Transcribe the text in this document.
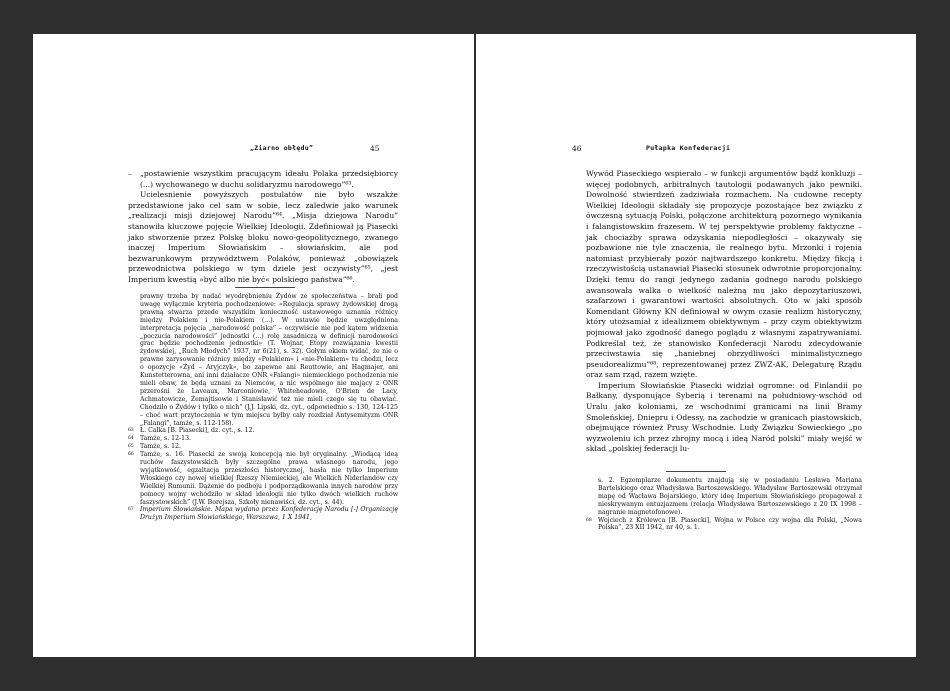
„Ziarno obłędu”	45
–	„postawienie wszystkim pracującym ideału Polaka przedsiębiorcy (...) wychowanego w duchu solidaryzmu narodowego”⁶³.

Ucielesnienie powyższych postulatów nie było wszakże przedstawione jako cel sam w sobie, lecz zaledwie jako warunek „realizacji misji dziejowej Narodu”⁶⁴. „Misja dziejowa Narodu” stanowiła kluczowe pojęcie Wielkiej Ideologii. Zdefiniował ją Piasecki jako stworzenie przez Polskę bloku nowo-geopolitycznego, zwanego inaczej Imperium Słowiańskim – słowiańskim, ale pod bezwarunkowym przywództwem Polaków, ponieważ „obowiązek przewodnictwa polskiego w tym dziele jest oczywisty”⁶⁵, „jest Imperium kwestią »być albo nie być« polskiego państwa”⁶⁶.

prawny trzeba by nadać wyodrębnieniu Żydów ze społeczeństwa – brałi pod uwagę wyłącznie kryteria pochodzeniowe: «Regulacja sprawy żydowskiej drogą prawną stwarza przede wszystkim konieczność ustawowego uznania różnicy między Polakiem i nie-Polakiem (...). W ustawie będzie uwzględniona interpretacja pojęcia „narodowość polska” – oczywiście nie pod kątem widzenia „poczucia narodowości” jednostki (...) rolę zasadniczą w definicji narodowości grac będzie pochodzenie jednostki» (T. Wojnar, Etopy rozwiązania kwestii żydowskiej, „Ruch Młodych” 1937, nr 6(21), s. 32). Gołym okiem widać, że nie o prawne zarysowanie różnicy między «Polakiem» i «nie-Polakiem» tu chodzi, lecz o opozycje «Żyd – Aryjczyk», bo zapewne ani Reuttowie, ani Hagmajer, ani Kunstetterowna, ani inni działacze ONR «Falangi» niemieckiego pochodzenia nie mieli obaw, że będą uznani za Niemców, a nic wspólnego nie mający z ONR przerośni że Laveaux, Marconiowie, Whiteheadowie, O'Brien de Lacy, Achmatowicze, Żemajtisowie i Stanisławić też nie mieli czego się tu obawiać. Chodziło o Żydów i tylko o nich” (J.J. Lipski, dz. cyt., odpowiednio s. 130, 124-125 – choć wart przytoczenia w tym miejscu byłby cały rozdział Antysemityzm ONR „Falangi”, tamże, s. 112-158).

63	Ł. Całka [B. Piasecki], dz. cyt., s. 12.
64	Tamże, s. 12-13.
65	Tamże, s. 12.
66	Tamże, s. 16. Piasecki ze swoją koncepcją nie był oryginalny. „Wiodącą ideą ruchów faszystowskich były szczególne prawa własnego narodu, jego wyjątkowość, egzaltacja przeszłości historycznej, hasła nie tylko Imperium Włoskiego czy nowej wielkiej Rzeszy Niemieckiej, ale Wielkich Niderlandów czy Wielkiej Rumunii. Dążenie do podboju i podporządkowania innych narodów przy pomocy wojny wchódziło w skład ideologii nie tylko dwóch wielkich ruchów faszystowskich” (J.W. Borejsza, Szkoły nienawiści, dz. cyt., s. 44).
67	Imperium Słowiańskie. Mapa wydana przez Konfederację Narodu [-] Organizację Drużyn Imperium Słowiańskiego, Warszawa, 1 X 1941,
46	Pułapka Konfederacji

Wywód Piaseckiego wspierało – w funkcji argumentów bądź konkluzji – więcej podobnych, arbitralnych tautologii podawanych jako pewniki. Dowolność stwierdzeń zadziwiała rozmachem. Na cudowne recepty Wielkiej Ideologii składały się propozycje pozostające bez związku z ówczesną sytuacją Polski, połączone architekturą pozornego wynikania i falangistowskim frazesem. W tej perspektywie problemy faktyczne – jak chociażby sprawa odzyskania niepodległości – okazywały się pozbawione nie tyle znaczenia, ile realnego bytu. Mrzonki i rojenia natomiast przybierały pozór najtwardszego konkretu. Między fikcją i rzeczywistością ustanawiał Piasecki stosunek odwrotnie proporcjonalny. Dzięki temu do rangi jedynego zadania godnego narodu polskiego awansowała walka o wielkość należną mu jako depozytariuszowi, szafarzowi i gwarantowi wartości absolutnych. Oto w jaki sposób Komendant Główny KN definiował w owym czasie realizm historyczny, który utożsamiał z idealizmem obiektywnym – przy czym obiektywizm pojmował jako zgodność danego poglądu z własnymi zapatrywaniami. Podkreślał też, że stanowisko Konfederacji Narodu zdecydowanie przeciwstawia się „haniebnej obrzydliwości minimalistycznego pseudorealizmu”⁶⁸, reprezentowanej przez ZWZ-AK, Delegaturę Rządu oraz sam rząd, razem wzięte.

Imperium Słowiańskie Piasecki widział ogromne: od Finlandii po Bałkany, dysponujące Syberią i terenami na południowy-wschód od Uralu jako koloniami, ze wschodnimi granicami na linii Bramy Smoleńskiej, Dniepru i Odessy, na zachodzie w granicach piastowskich, obejmujące również Prusy Wschodnie. Ludy Związku Sowieckiego „po wyzwoleniu ich przez zbrojny mocą i ideą Naród polski” miały wejść w skład „polskiej federacji lu-

s. 2. Egzemplarze dokumentu znajdują się w posiadaniu Lesława Mariana Bartelskiego oraz Władysława Bartoszewskiego. Władysław Bartoszewski otrzymał mapę od Wacława Bojarskiego, który ideę Imperium Słowiańskiego propagował z nieskrywanym entuzjazmem (relacja Władysława Bartoszewskiego z 20 IX 1998 – nagranie magnetofonowe).

68	Wojciech z Królewca [B. Piasecki], Wojna w Polsce czy wojna dla Polski, „Nowa Polska”, 23 XII 1942, nr 40, s. 1.
